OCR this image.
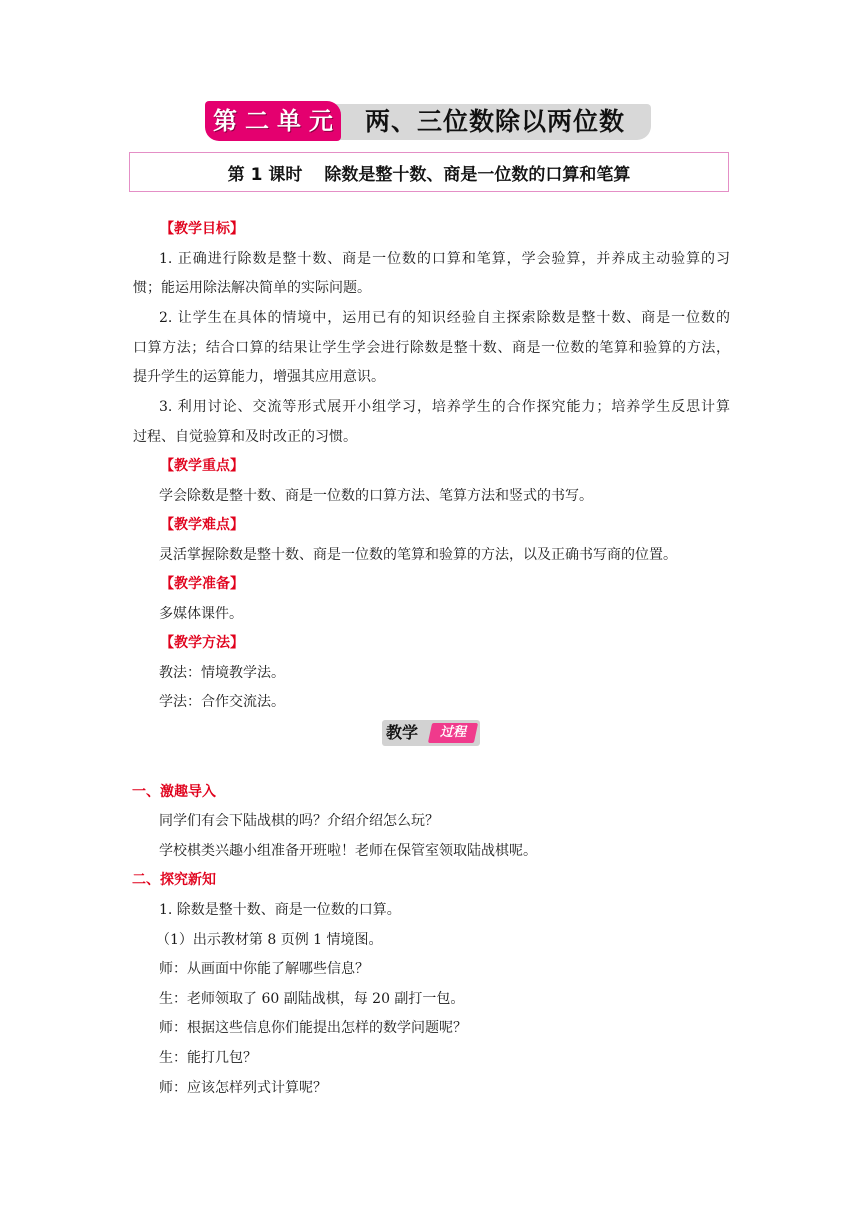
第 二 单 元 两、三位数除以两位数
第 1 课时 除数是整十数、商是一位数的口算和笔算
【教学目标】
1. 正确进行除数是整十数、商是一位数的口算和笔算，学会验算，并养成主动验算的习
惯；能运用除法解决简单的实际问题。
2. 让学生在具体的情境中，运用已有的知识经验自主探索除数是整十数、商是一位数的
口算方法；结合口算的结果让学生学会进行除数是整十数、商是一位数的笔算和验算的方法，
提升学生的运算能力，增强其应用意识。
3. 利用讨论、交流等形式展开小组学习，培养学生的合作探究能力；培养学生反思计算
过程、自觉验算和及时改正的习惯。
【教学重点】
学会除数是整十数、商是一位数的口算方法、笔算方法和竖式的书写。
【教学难点】
灵活掌握除数是整十数、商是一位数的笔算和验算的方法，以及正确书写商的位置。
【教学准备】
多媒体课件。
【教学方法】
教法：情境教学法。
学法：合作交流法。
教学	过程
一、激趣导入
同学们有会下陆战棋的吗？介绍介绍怎么玩？
学校棋类兴趣小组准备开班啦！老师在保管室领取陆战棋呢。
二、探究新知
1. 除数是整十数、商是一位数的口算。
（1）出示教材第 8 页例 1 情境图。
师：从画面中你能了解哪些信息？
生：老师领取了 60 副陆战棋，每 20 副打一包。
师：根据这些信息你们能提出怎样的数学问题呢？
生：能打几包？
师：应该怎样列式计算呢？
